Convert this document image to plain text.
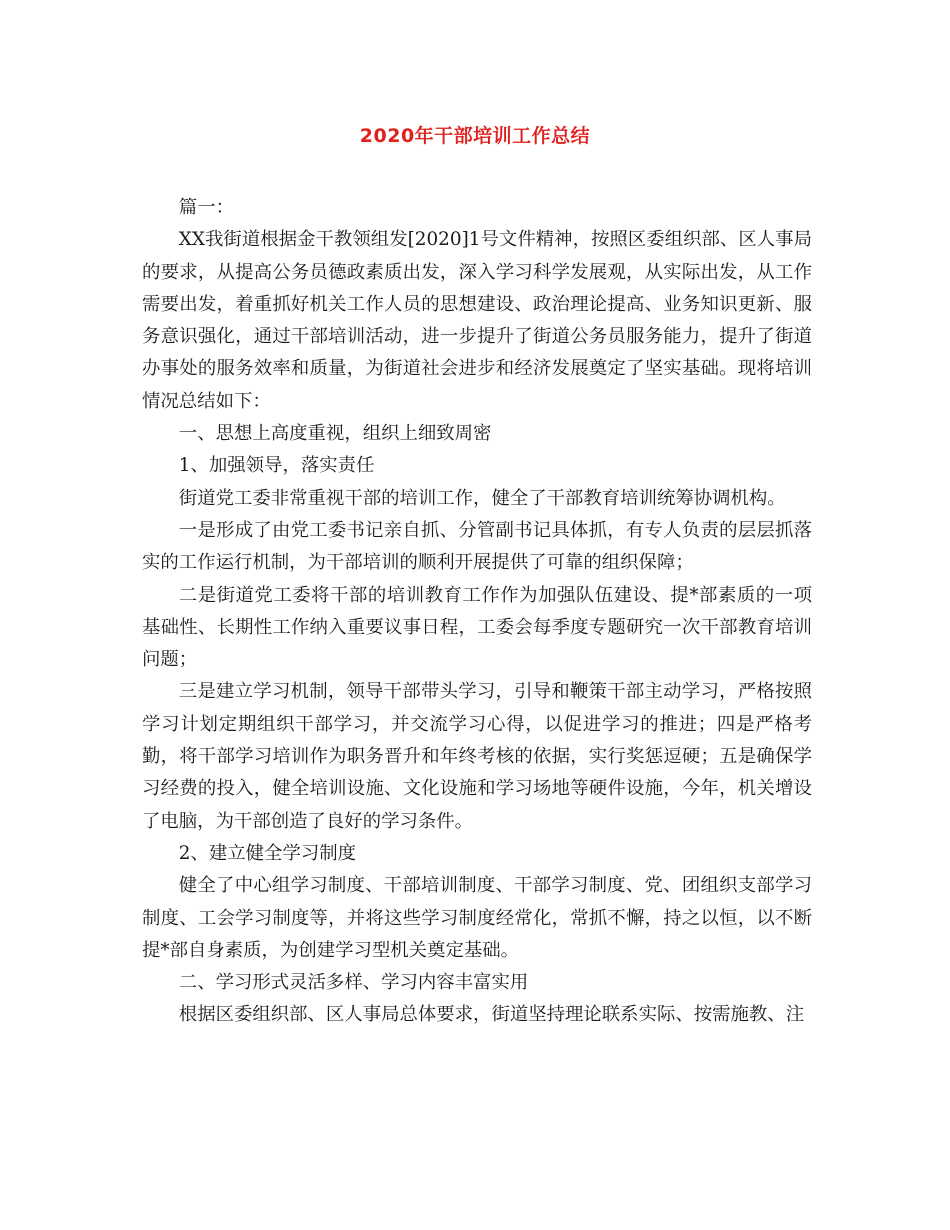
2020年干部培训工作总结

篇一：

XX我街道根据金干教领组发[2020]1号文件精神，按照区委组织部、区人事局的要求，从提高公务员德政素质出发，深入学习科学发展观，从实际出发，从工作需要出发，着重抓好机关工作人员的思想建设、政治理论提高、业务知识更新、服务意识强化，通过干部培训活动，进一步提升了街道公务员服务能力，提升了街道办事处的服务效率和质量，为街道社会进步和经济发展奠定了坚实基础。现将培训情况总结如下：

一、思想上高度重视，组织上细致周密

1、加强领导，落实责任

街道党工委非常重视干部的培训工作，健全了干部教育培训统筹协调机构。

一是形成了由党工委书记亲自抓、分管副书记具体抓，有专人负责的层层抓落实的工作运行机制，为干部培训的顺利开展提供了可靠的组织保障；

二是街道党工委将干部的培训教育工作作为加强队伍建设、提*部素质的一项基础性、长期性工作纳入重要议事日程，工委会每季度专题研究一次干部教育培训问题；

三是建立学习机制，领导干部带头学习，引导和鞭策干部主动学习，严格按照学习计划定期组织干部学习，并交流学习心得，以促进学习的推进；四是严格考勤，将干部学习培训作为职务晋升和年终考核的依据，实行奖惩逗硬；五是确保学习经费的投入，健全培训设施、文化设施和学习场地等硬件设施，今年，机关增设了电脑，为干部创造了良好的学习条件。

2、建立健全学习制度

健全了中心组学习制度、干部培训制度、干部学习制度、党、团组织支部学习制度、工会学习制度等，并将这些学习制度经常化，常抓不懈，持之以恒，以不断提*部自身素质，为创建学习型机关奠定基础。

二、学习形式灵活多样、学习内容丰富实用

根据区委组织部、区人事局总体要求，街道坚持理论联系实际、按需施教、注
